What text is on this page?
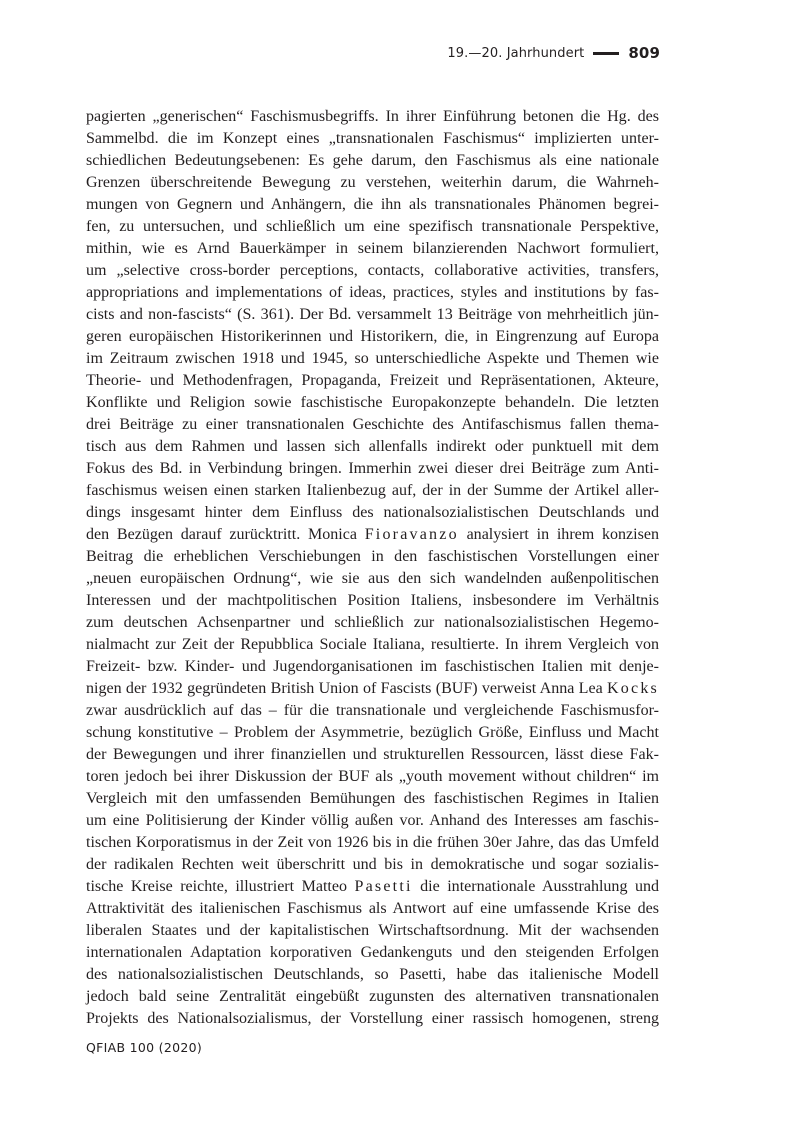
19.—20. Jahrhundert	809
pagierten „generischen“ Faschismusbegriffs. In ihrer Einführung betonen die Hg. des
Sammelbd. die im Konzept eines „transnationalen Faschismus“ implizierten unter-
schiedlichen Bedeutungsebenen: Es gehe darum, den Faschismus als eine nationale
Grenzen überschreitende Bewegung zu verstehen, weiterhin darum, die Wahrneh-
mungen von Gegnern und Anhängern, die ihn als transnationales Phänomen begrei-
fen, zu untersuchen, und schließlich um eine spezifisch transnationale Perspektive,
mithin, wie es Arnd Bauerkämper in seinem bilanzierenden Nachwort formuliert,
um „selective cross-border perceptions, contacts, collaborative activities, transfers,
appropriations and implementations of ideas, practices, styles and institutions by fas-
cists and non-fascists“ (S. 361). Der Bd. versammelt 13 Beiträge von mehrheitlich jün-
geren europäischen Historikerinnen und Historikern, die, in Eingrenzung auf Europa
im Zeitraum zwischen 1918 und 1945, so unterschiedliche Aspekte und Themen wie
Theorie- und Methodenfragen, Propaganda, Freizeit und Repräsentationen, Akteure,
Konflikte und Religion sowie faschistische Europakonzepte behandeln. Die letzten
drei Beiträge zu einer transnationalen Geschichte des Antifaschismus fallen thema-
tisch aus dem Rahmen und lassen sich allenfalls indirekt oder punktuell mit dem
Fokus des Bd. in Verbindung bringen. Immerhin zwei dieser drei Beiträge zum Anti-
faschismus weisen einen starken Italienbezug auf, der in der Summe der Artikel aller-
dings insgesamt hinter dem Einfluss des nationalsozialistischen Deutschlands und
den Bezügen darauf zurücktritt. Monica Fioravanzo analysiert in ihrem konzisen
Beitrag die erheblichen Verschiebungen in den faschistischen Vorstellungen einer
„neuen europäischen Ordnung“, wie sie aus den sich wandelnden außenpolitischen
Interessen und der machtpolitischen Position Italiens, insbesondere im Verhältnis
zum deutschen Achsenpartner und schließlich zur nationalsozialistischen Hegemo-
nialmacht zur Zeit der Repubblica Sociale Italiana, resultierte. In ihrem Vergleich von
Freizeit- bzw. Kinder- und Jugendorganisationen im faschistischen Italien mit denje-
nigen der 1932 gegründeten British Union of Fascists (BUF) verweist Anna Lea Kocks
zwar ausdrücklich auf das – für die transnationale und vergleichende Faschismusfor-
schung konstitutive – Problem der Asymmetrie, bezüglich Größe, Einfluss und Macht
der Bewegungen und ihrer finanziellen und strukturellen Ressourcen, lässt diese Fak-
toren jedoch bei ihrer Diskussion der BUF als „youth movement without children“ im
Vergleich mit den umfassenden Bemühungen des faschistischen Regimes in Italien
um eine Politisierung der Kinder völlig außen vor. Anhand des Interesses am faschis-
tischen Korporatismus in der Zeit von 1926 bis in die frühen 30er Jahre, das das Umfeld
der radikalen Rechten weit überschritt und bis in demokratische und sogar sozialis-
tische Kreise reichte, illustriert Matteo Pasetti die internationale Ausstrahlung und
Attraktivität des italienischen Faschismus als Antwort auf eine umfassende Krise des
liberalen Staates und der kapitalistischen Wirtschaftsordnung. Mit der wachsenden
internationalen Adaptation korporativen Gedankenguts und den steigenden Erfolgen
des nationalsozialistischen Deutschlands, so Pasetti, habe das italienische Modell
jedoch bald seine Zentralität eingebüßt zugunsten des alternativen transnationalen
Projekts des Nationalsozialismus, der Vorstellung einer rassisch homogenen, streng
QFIAB 100 (2020)
